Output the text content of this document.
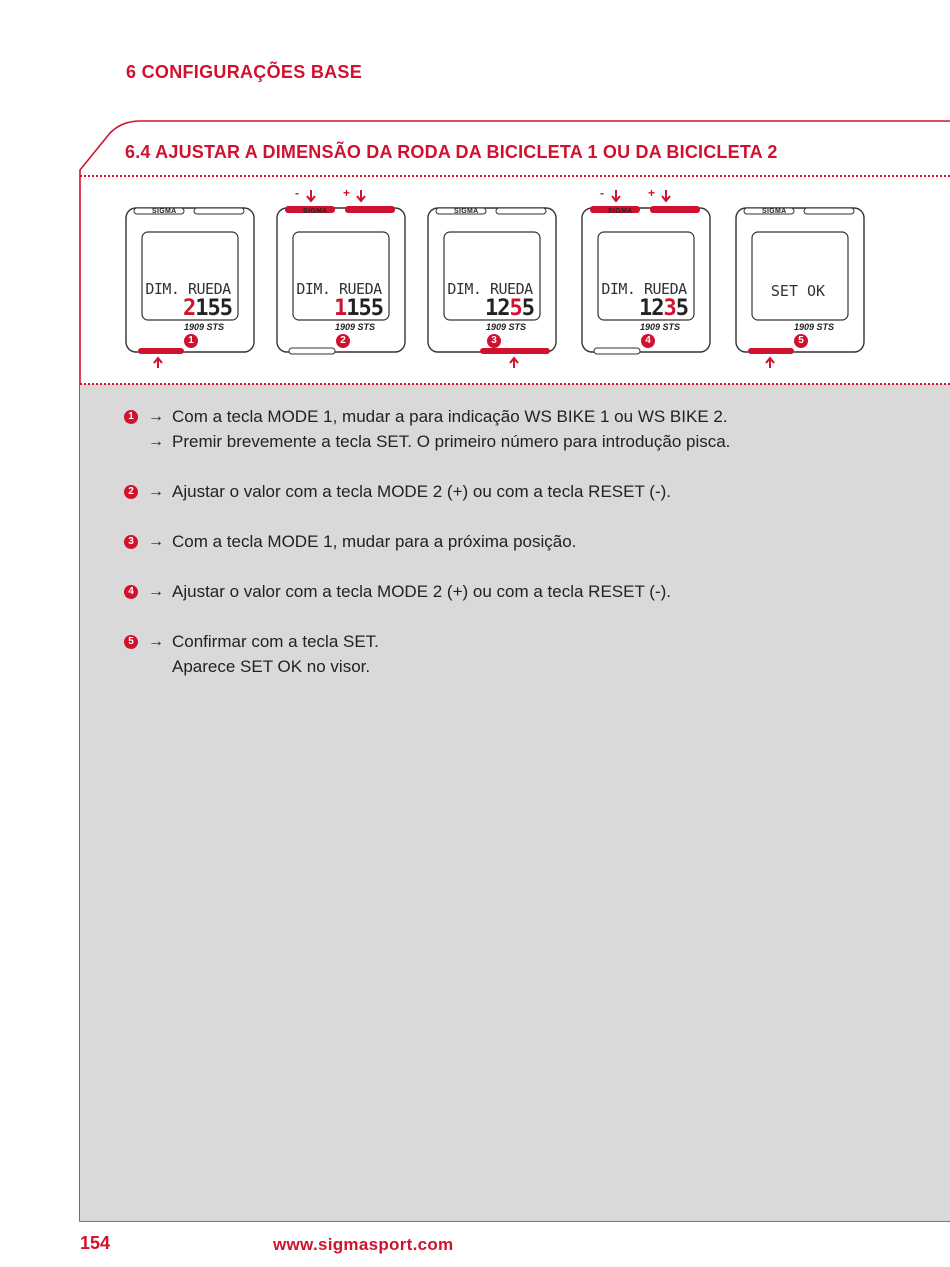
6 CONFIGURAÇÕES BASE
6.4 AJUSTAR A DIMENSÃO DA RODA DA BICICLETA 1 OU DA BICICLETA 2
SIGMA
DIM. RUEDA
2155
1909 STS
1
-	+
SIGMA
DIM. RUEDA
1155
1909 STS
2
SIGMA
DIM. RUEDA
1255
1909 STS
3
-	+
SIGMA
DIM. RUEDA
1235
1909 STS
4
SIGMA
SET OK
1909 STS
5
1 → Com a tecla MODE 1, mudar a para indicação WS BIKE 1 ou WS BIKE 2.
→ Premir brevemente a tecla SET. O primeiro número para introdução pisca.
2 → Ajustar o valor com a tecla MODE 2 (+) ou com a tecla RESET (-).
3 → Com a tecla MODE 1, mudar para a próxima posição.
4 → Ajustar o valor com a tecla MODE 2 (+) ou com a tecla RESET (-).
5 → Confirmar com a tecla SET.
Aparece SET OK no visor.
154	www.sigmasport.com
